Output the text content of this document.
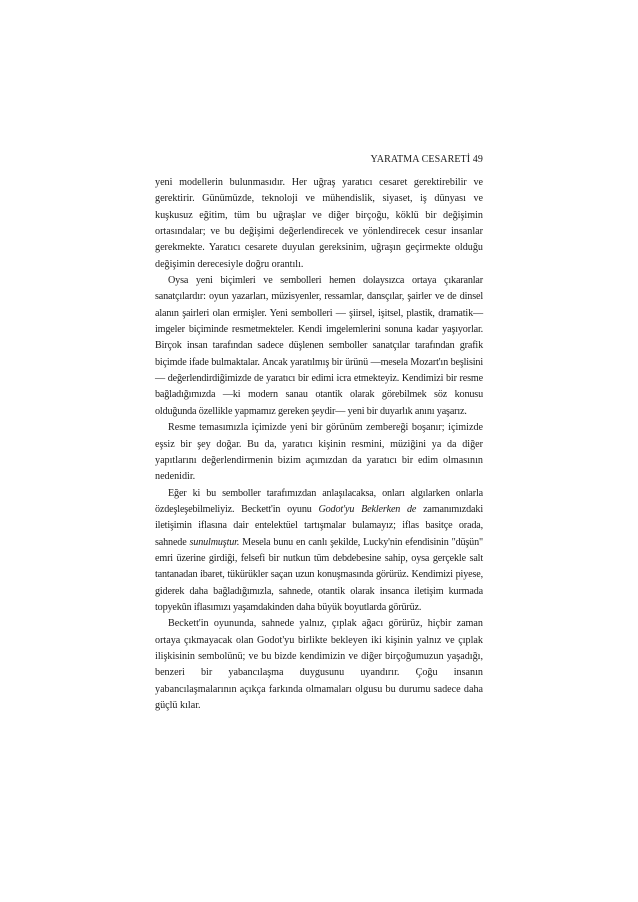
YARATMA CESARETİ 49

yeni modellerin bulunmasıdır. Her uğraş yaratıcı cesaret gerektirebilir ve gerektirir. Günümüzde, teknoloji ve mühendislik, siyaset, iş dünyası ve kuşkusuz eğitim, tüm bu uğraşlar ve diğer birçoğu, köklü bir değişimin ortasındalar; ve bu değişimi değerlendirecek ve yönlendirecek cesur insanlar gerekmekte. Yaratıcı cesarete duyulan gereksinim, uğraşın geçirmekte olduğu değişimin derecesiyle doğru orantılı.

Oysa yeni biçimleri ve sembolleri hemen dolaysızca ortaya çıkaranlar sanatçılardır: oyun yazarları, müzisyenler, ressamlar, dansçılar, şairler ve de dinsel alanın şairleri olan ermişler. Yeni sembolleri — şiirsel, işitsel, plastik, dramatik— imgeler biçiminde resmetmekteler. Kendi imgelemlerini sonuna kadar yaşıyorlar. Birçok insan tarafından sadece düşlenen semboller sanatçılar tarafından grafik biçimde ifade bulmaktalar. Ancak yaratılmış bir ürünü —mesela Mozart'ın beşlisini— değerlendirdiğimizde de yaratıcı bir edimi icra etmekteyiz. Kendimizi bir resme bağladığımızda —ki modern sanau otantik olarak görebilmek söz konusu olduğunda özellikle yapmamız gereken şeydir— yeni bir duyarlık anını yaşarız.

Resme temasımızla içimizde yeni bir görünüm zembereği boşanır; içimizde eşsiz bir şey doğar. Bu da, yaratıcı kişinin resmini, müziğini ya da diğer yapıtlarını değerlendirmenin bizim açımızdan da yaratıcı bir edim olmasının nedenidir.

Eğer ki bu semboller tarafımızdan anlaşılacaksa, onları algılarken onlarla özdeşleşebilmeliyiz. Beckett'in oyunu Godot'yu Beklerken de zamanımızdaki iletişimin iflasına dair entelektüel tartışmalar bulamayız; iflas basitçe orada, sahnede sunulmuştur. Mesela bunu en canlı şekilde, Lucky'nin efendisinin "düşün" emri üzerine girdiği, felsefi bir nutkun tüm debdebesine sahip, oysa gerçekle salt tantanadan ibaret, tükürükler saçan uzun konuşmasında görürüz. Kendimizi piyese, giderek daha bağladığımızla, sahnede, otantik olarak insanca iletişim kurmada topyekûn iflasımızı yaşamdakinden daha büyük boyutlarda görürüz.

Beckett'in oyununda, sahnede yalnız, çıplak ağacı görürüz, hiçbir zaman ortaya çıkmayacak olan Godot'yu birlikte bekleyen iki kişinin yalnız ve çıplak ilişkisinin sembolünü; ve bu bizde kendimizin ve diğer birçoğumuzun yaşadığı, benzeri bir yabancılaşma duygusunu uyandırır. Çoğu insanın yabancılaşmalarının açıkça farkında olmamaları olgusu bu durumu sadece daha güçlü kılar.
